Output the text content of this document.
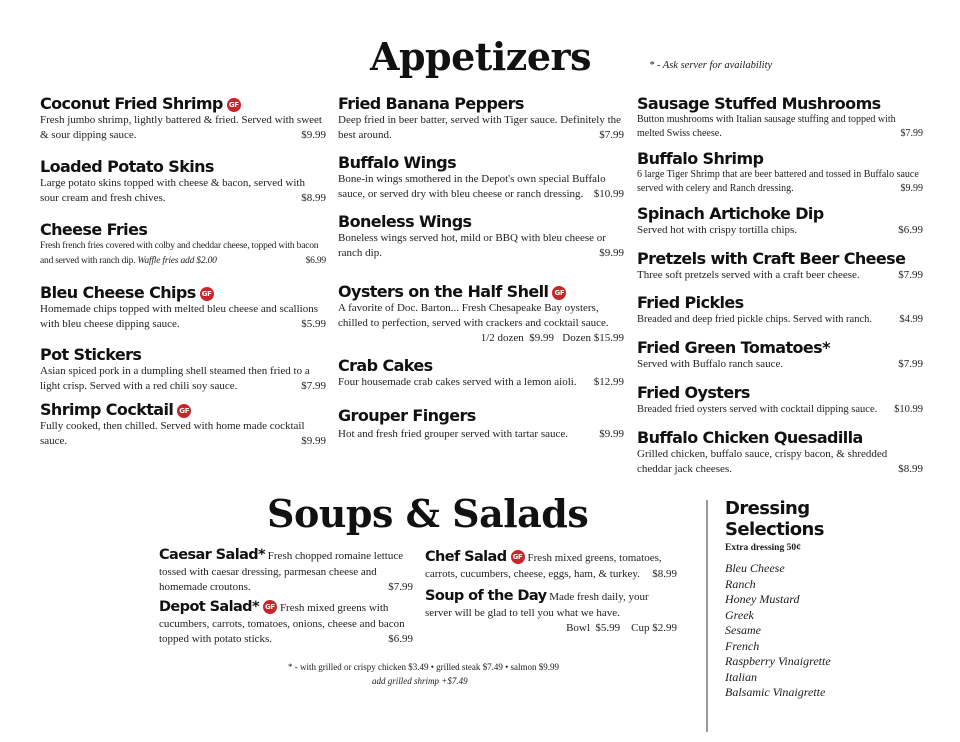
Appetizers	* - Ask server for availability
Coconut Fried Shrimp GF
Fresh jumbo shrimp, lightly battered & fried. Served with sweet & sour dipping sauce.	$9.99
Loaded Potato Skins
Large potato skins topped with cheese & bacon, served with sour cream and fresh chives.	$8.99
Cheese Fries
Fresh french fries covered with colby and cheddar cheese, topped with bacon and served with ranch dip. Waffle fries add $2.00	$6.99
Bleu Cheese Chips GF
Homemade chips topped with melted bleu cheese and scallions with bleu cheese dipping sauce.	$5.99
Pot Stickers
Asian spiced pork in a dumpling shell steamed then fried to a light crisp. Served with a red chili soy sauce.	$7.99
Shrimp Cocktail GF
Fully cooked, then chilled. Served with home made cocktail sauce.	$9.99
Fried Banana Peppers
Deep fried in beer batter, served with Tiger sauce. Definitely the best around.	$7.99
Buffalo Wings
Bone-in wings smothered in the Depot's own special Buffalo sauce, or served dry with bleu cheese or ranch dressing. $10.99
Boneless Wings
Boneless wings served hot, mild or BBQ with bleu cheese or ranch dip.	$9.99
Oysters on the Half Shell GF
A favorite of Doc. Barton... Fresh Chesapeake Bay oysters, chilled to perfection, served with crackers and cocktail sauce.
1/2 dozen  $9.99   Dozen $15.99
Crab Cakes
Four housemade crab cakes served with a lemon aioli. $12.99
Grouper Fingers
Hot and fresh fried grouper served with tartar sauce.	$9.99
Sausage Stuffed Mushrooms
Button mushrooms with Italian sausage stuffing and topped with melted Swiss cheese.	$7.99
Buffalo Shrimp
6 large Tiger Shrimp that are beer battered and tossed in Buffalo sauce served with celery and Ranch dressing.	$9.99
Spinach Artichoke Dip
Served hot with crispy tortilla chips.	$6.99
Pretzels with Craft Beer Cheese
Three soft pretzels served with a craft beer cheese.	$7.99
Fried Pickles
Breaded and deep fried pickle chips. Served with ranch.	$4.99
Fried Green Tomatoes*
Served with Buffalo ranch sauce.	$7.99
Fried Oysters
Breaded fried oysters served with cocktail dipping sauce. $10.99
Buffalo Chicken Quesadilla
Grilled chicken, buffalo sauce, crispy bacon, & shredded cheddar jack cheeses.	$8.99
Soups & Salads
Caesar Salad* Fresh chopped romaine lettuce tossed with caesar dressing, parmesan cheese and homemade croutons.	$7.99
Depot Salad* GF Fresh mixed greens with cucumbers, carrots, tomatoes, onions, cheese and bacon topped with potato sticks.	$6.99
Chef Salad GF Fresh mixed greens, tomatoes, carrots, cucumbers, cheese, eggs, ham, & turkey. $8.99
Soup of the Day Made fresh daily, your server will be glad to tell you what we have.
Bowl  $5.99    Cup $2.99
* - with grilled or crispy chicken $3.49 • grilled steak $7.49 • salmon $9.99
add grilled shrimp +$7.49
Dressing
Selections
Extra dressing 50¢
Bleu Cheese
Ranch
Honey Mustard
Greek
Sesame
French
Raspberry Vinaigrette
Italian
Balsamic Vinaigrette
